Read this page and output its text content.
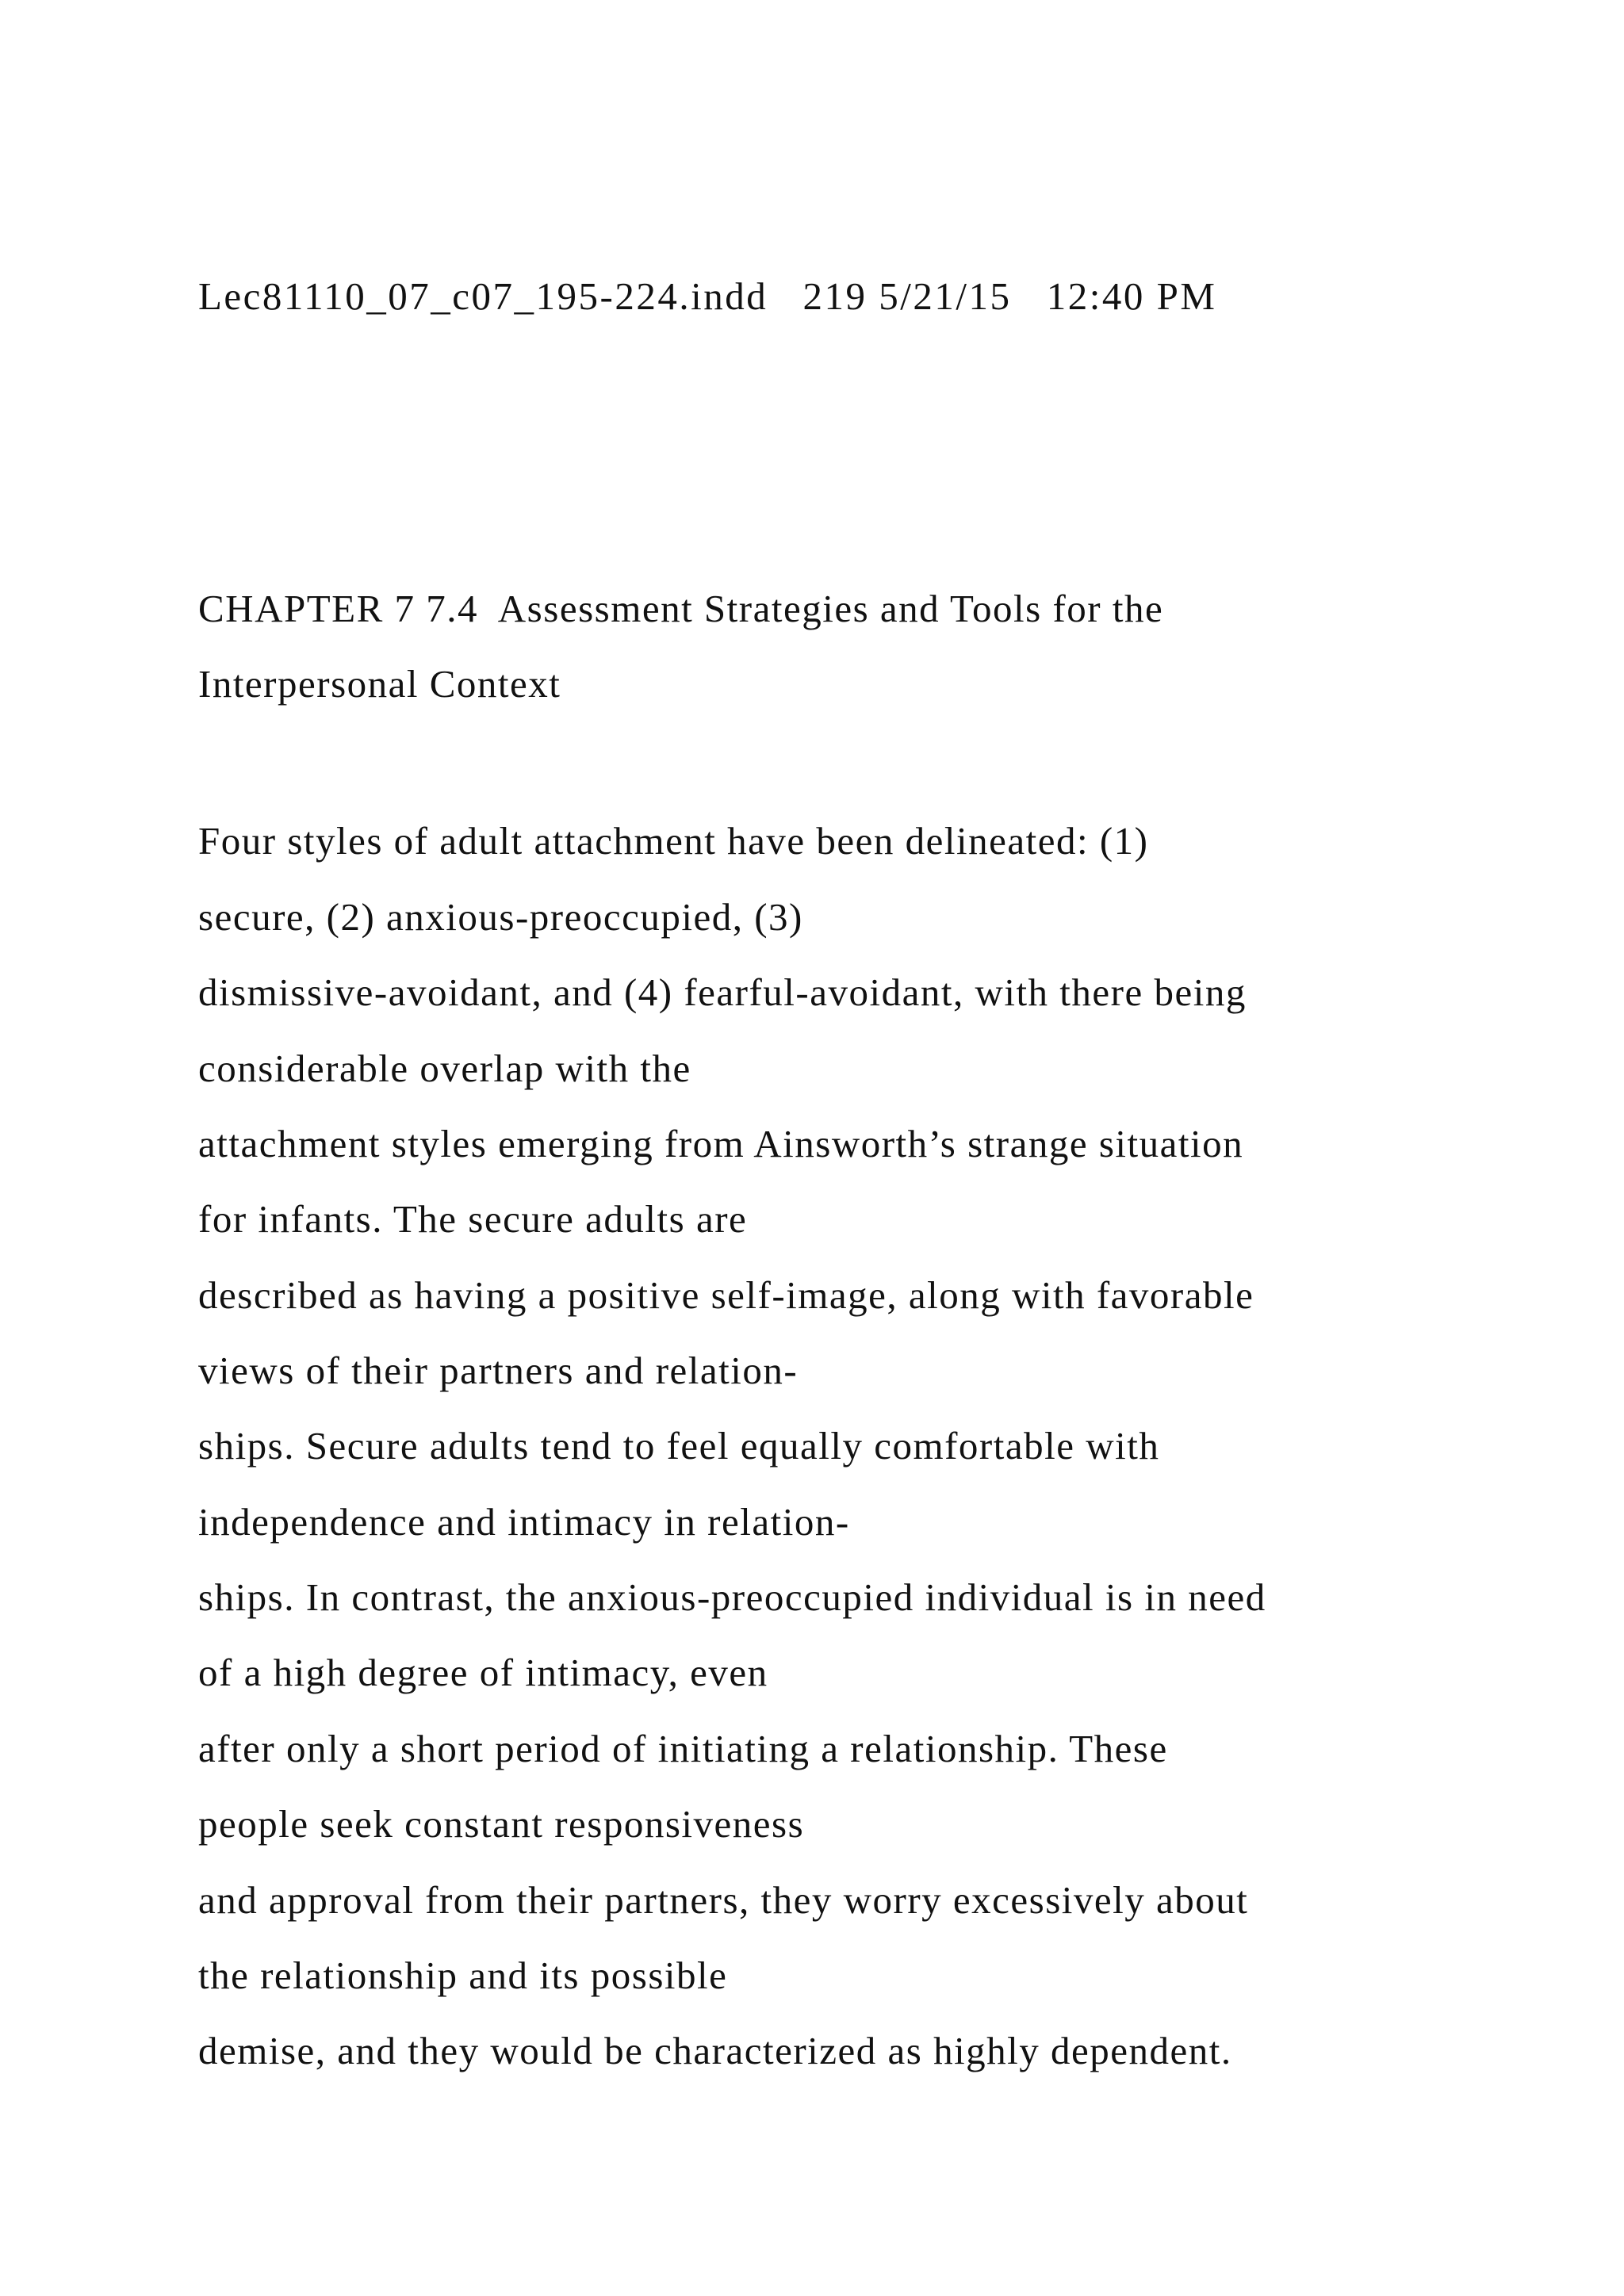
Lec81110_07_c07_195-224.indd   219 5/21/15   12:40 PM
CHAPTER 7 7.4  Assessment Strategies and Tools for the
Interpersonal Context
Four styles of adult attachment have been delineated: (1)
secure, (2) anxious-preoccupied, (3)
dismissive-avoidant, and (4) fearful-avoidant, with there being
considerable overlap with the
attachment styles emerging from Ainsworth’s strange situation
for infants. The secure adults are
described as having a positive self-image, along with favorable
views of their partners and relation-
ships. Secure adults tend to feel equally comfortable with
independence and intimacy in relation-
ships. In contrast, the anxious-preoccupied individual is in need
of a high degree of intimacy, even
after only a short period of initiating a relationship. These
people seek constant responsiveness
and approval from their partners, they worry excessively about
the relationship and its possible
demise, and they would be characterized as highly dependent.
